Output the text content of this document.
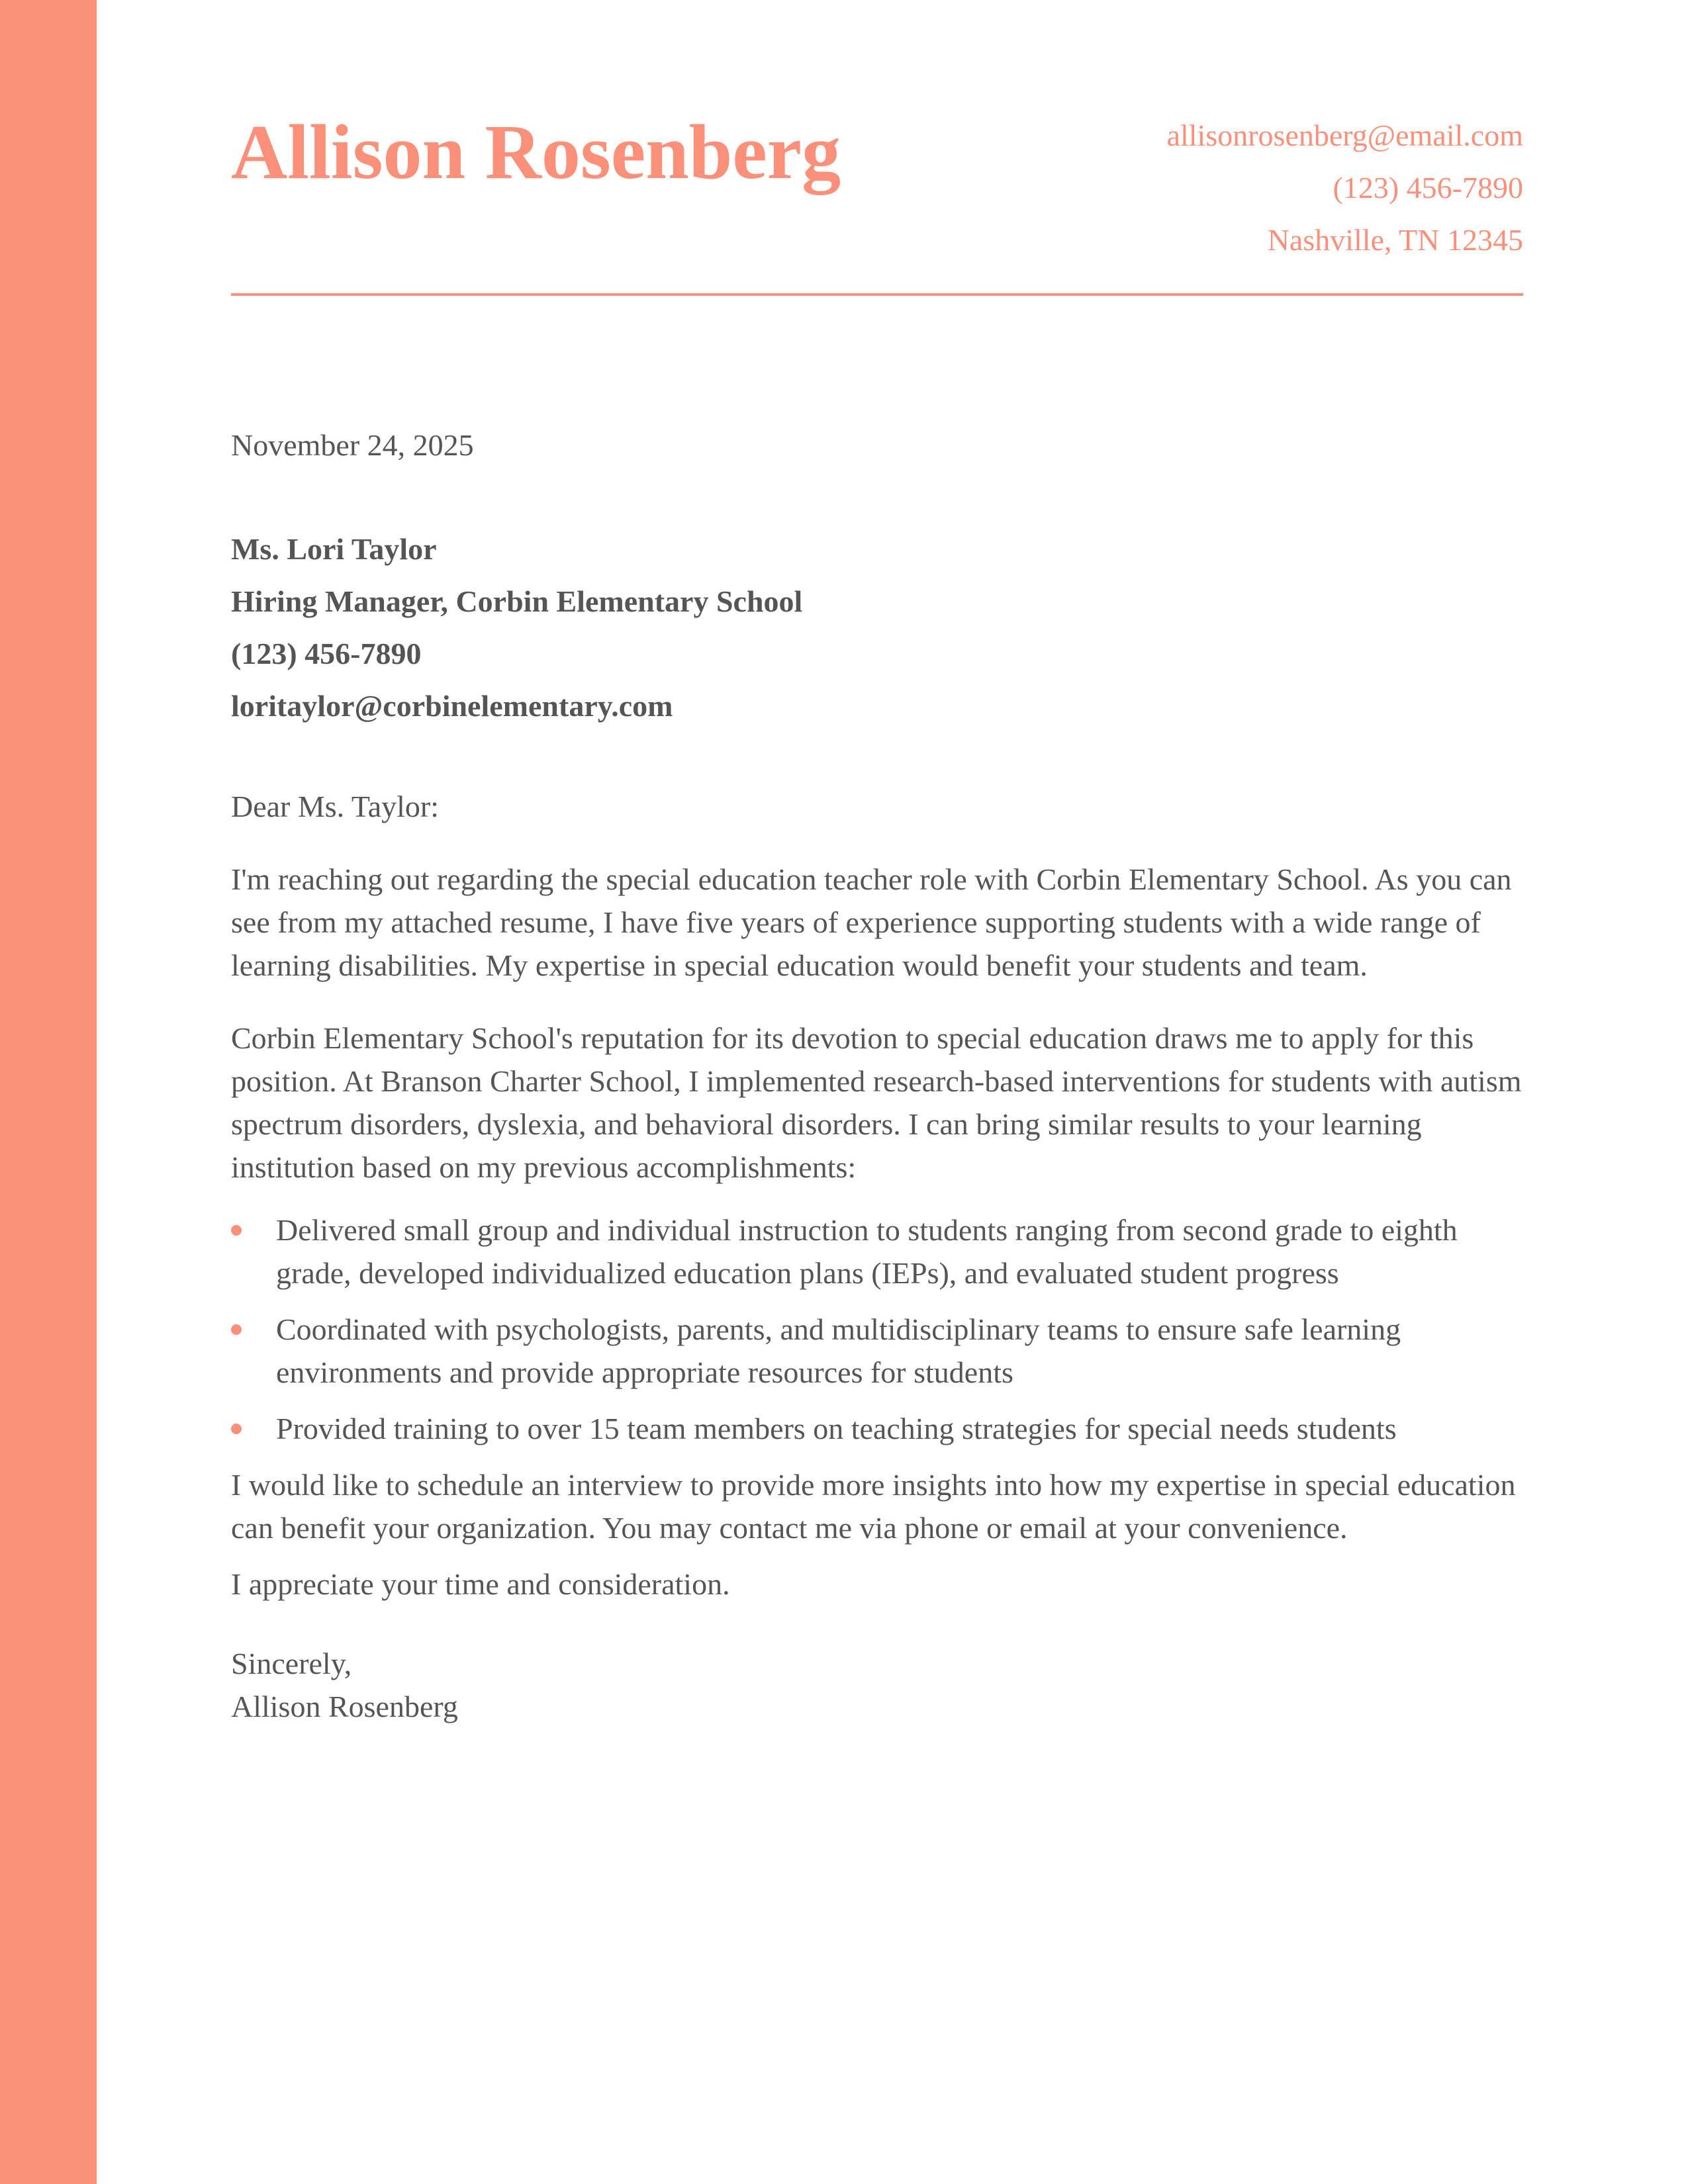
Allison Rosenberg	allisonrosenberg@email.com
(123) 456-7890
Nashville, TN 12345
November 24, 2025
Ms. Lori Taylor
Hiring Manager, Corbin Elementary School
(123) 456-7890
loritaylor@corbinelementary.com
Dear Ms. Taylor:

I'm reaching out regarding the special education teacher role with Corbin Elementary School. As you can see from my attached resume, I have five years of experience supporting students with a wide range of learning disabilities. My expertise in special education would benefit your students and team.

Corbin Elementary School's reputation for its devotion to special education draws me to apply for this position. At Branson Charter School, I implemented research-based interventions for students with autism spectrum disorders, dyslexia, and behavioral disorders. I can bring similar results to your learning institution based on my previous accomplishments:

Delivered small group and individual instruction to students ranging from second grade to eighth grade, developed individualized education plans (IEPs), and evaluated student progress
Coordinated with psychologists, parents, and multidisciplinary teams to ensure safe learning environments and provide appropriate resources for students
Provided training to over 15 team members on teaching strategies for special needs students

I would like to schedule an interview to provide more insights into how my expertise in special education can benefit your organization. You may contact me via phone or email at your convenience.

I appreciate your time and consideration.

Sincerely,
Allison Rosenberg
